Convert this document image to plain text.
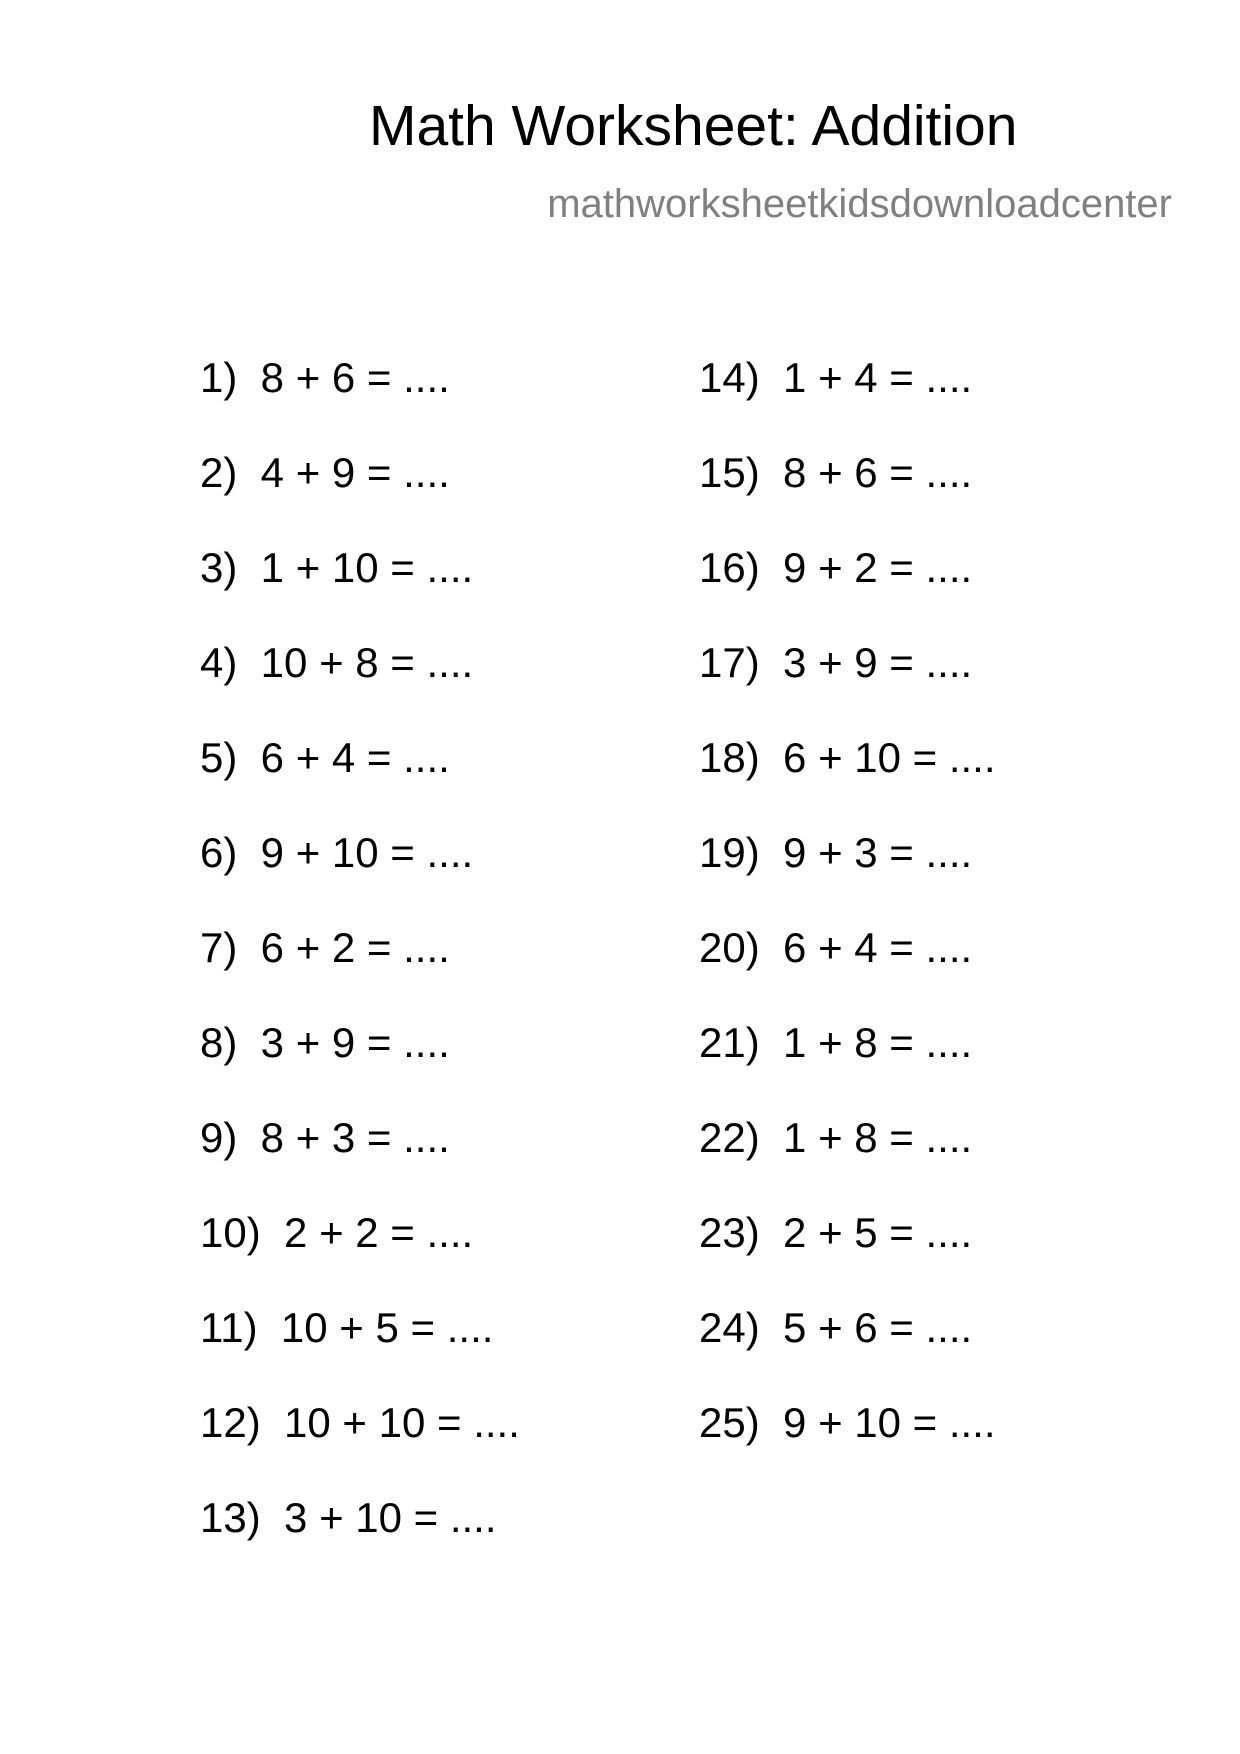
Math Worksheet: Addition
mathworksheetkidsdownloadcenter
1)  8 + 6 = ....
2)  4 + 9 = ....
3)  1 + 10 = ....
4)  10 + 8 = ....
5)  6 + 4 = ....
6)  9 + 10 = ....
7)  6 + 2 = ....
8)  3 + 9 = ....
9)  8 + 3 = ....
10)  2 + 2 = ....
11)  10 + 5 = ....
12)  10 + 10 = ....
13)  3 + 10 = ....
14)  1 + 4 = ....
15)  8 + 6 = ....
16)  9 + 2 = ....
17)  3 + 9 = ....
18)  6 + 10 = ....
19)  9 + 3 = ....
20)  6 + 4 = ....
21)  1 + 8 = ....
22)  1 + 8 = ....
23)  2 + 5 = ....
24)  5 + 6 = ....
25)  9 + 10 = ....
